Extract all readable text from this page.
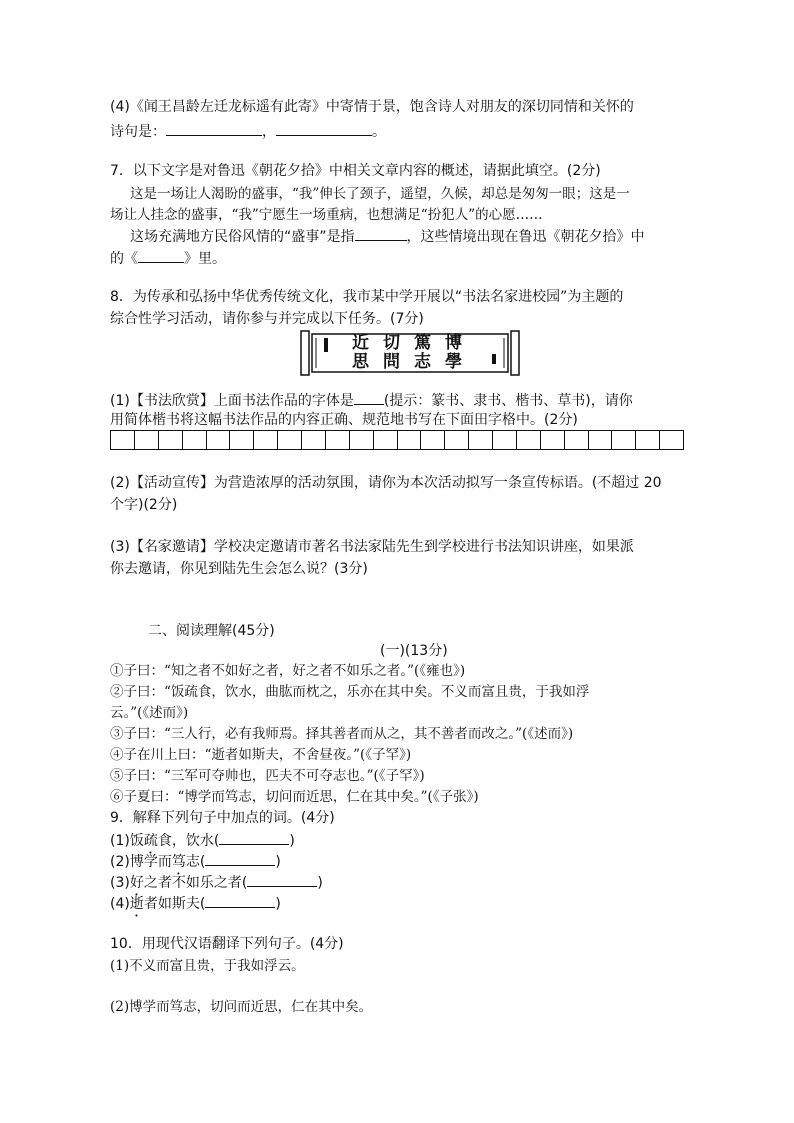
(4)《闻王昌龄左迁龙标遥有此寄》中寄情于景，饱含诗人对朋友的深切同情和关怀的
诗句是：	，	。
7．以下文字是对鲁迅《朝花夕拾》中相关文章内容的概述，请据此填空。(2分)
这是一场让人渴盼的盛事，“我”伸长了颈子，遥望，久候，却总是匆匆一眼；这是一
场让人挂念的盛事，“我”宁愿生一场重病，也想满足“扮犯人”的心愿……
这场充满地方民俗风情的“盛事”是指	，这些情境出现在鲁迅《朝花夕拾》中
的《	》里。
8．为传承和弘扬中华优秀传统文化，我市某中学开展以“书法名家进校园”为主题的
综合性学习活动，请你参与并完成以下任务。(7分)
近切篤博
思問志學
(1)【书法欣赏】上面书法作品的字体是 (提示：篆书、隶书、楷书、草书)，请你
用简体楷书将这幅书法作品的内容正确、规范地书写在下面田字格中。(2分)
(2)【活动宣传】为营造浓厚的活动氛围，请你为本次活动拟写一条宣传标语。(不超过 20
个字)(2分)
(3)【名家邀请】学校决定邀请市著名书法家陆先生到学校进行书法知识讲座，如果派
你去邀请，你见到陆先生会怎么说？(3分)
二、阅读理解(45分)
(一)(13分)
①子曰：“知之者不如好之者，好之者不如乐之者。”(《雍也》)
②子曰：“饭疏食，饮水，曲肱而枕之，乐亦在其中矣。不义而富且贵，于我如浮
云。”(《述而》)
③子曰：“三人行，必有我师焉。择其善者而从之，其不善者而改之。”(《述而》)
④子在川上曰：“逝者如斯夫，不舍昼夜。”(《子罕》)
⑤子曰：“三军可夺帅也，匹夫不可夺志也。”(《子罕》)
⑥子夏曰：“博学而笃志，切问而近思，仁在其中矣。”(《子张》)
9．解释下列句子中加点的词。(4分)
(1)饭疏食，饮水(	)
(2)博学而笃志(	)
(3)好之者不如乐之者(	)
(4)逝者如斯夫(	)
10．用现代汉语翻译下列句子。(4分)
(1)不义而富且贵，于我如浮云。
(2)博学而笃志，切问而近思，仁在其中矣。
